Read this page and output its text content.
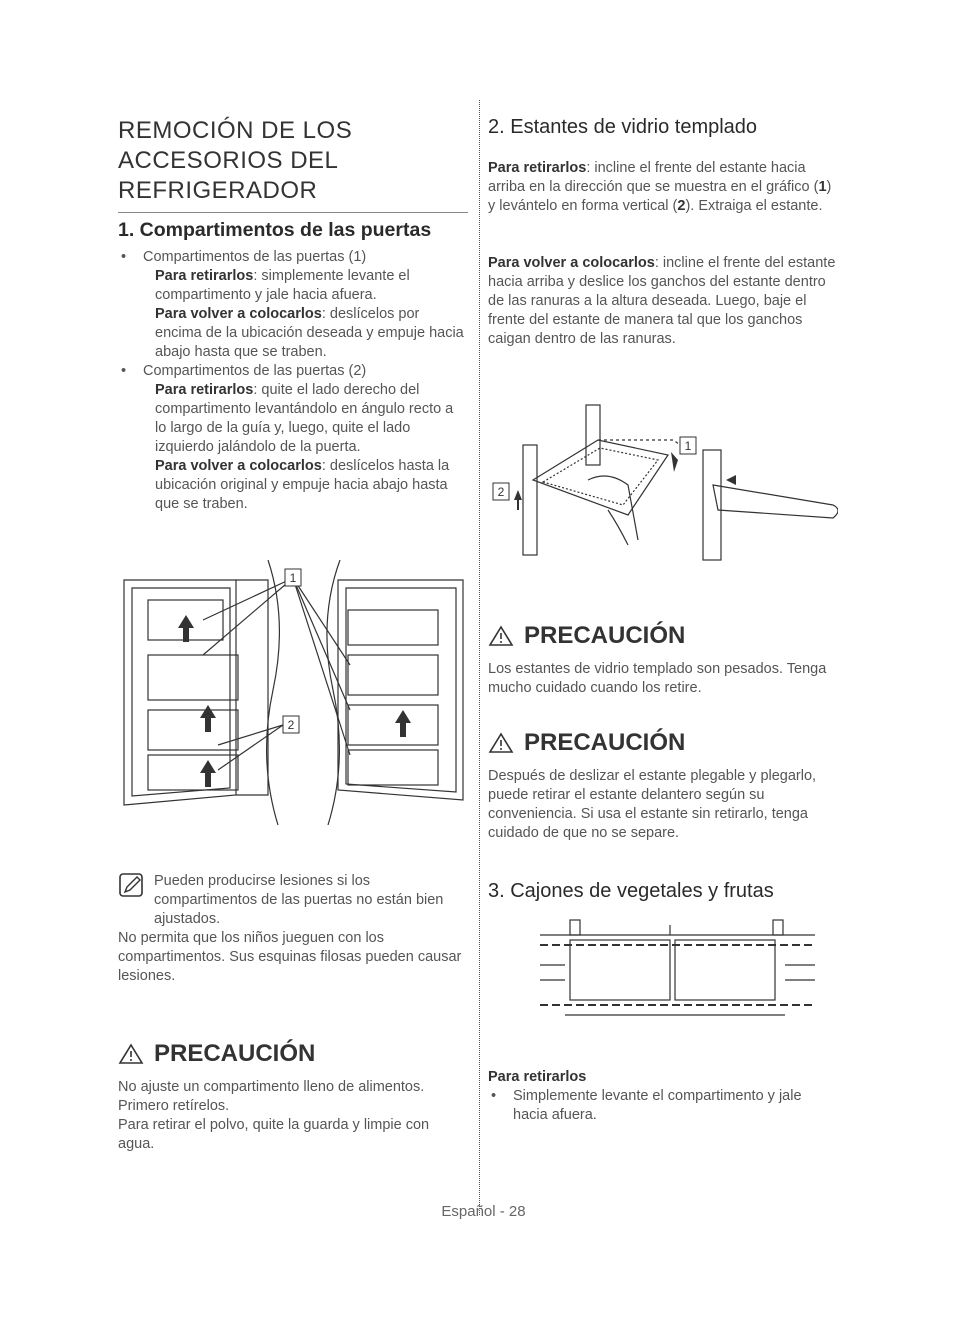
REMOCIÓN DE LOS
ACCESORIOS DEL
REFRIGERADOR
1. Compartimentos de las puertas
• Compartimentos de las puertas (1)
Para retirarlos: simplemente levante el compartimento y jale hacia afuera.
Para volver a colocarlos: deslícelos por encima de la ubicación deseada y empuje hacia abajo hasta que se traben.
• Compartimentos de las puertas (2)
Para retirarlos: quite el lado derecho del compartimento levantándolo en ángulo recto a lo largo de la guía y, luego, quite el lado izquierdo jalándolo de la puerta.
Para volver a colocarlos: deslícelos hasta la ubicación original y empuje hacia abajo hasta que se traben.
1
2
Pueden producirse lesiones si los compartimentos de las puertas no están bien ajustados.
No permita que los niños jueguen con los compartimentos. Sus esquinas filosas pueden causar lesiones.
PRECAUCIÓN
No ajuste un compartimento lleno de alimentos. Primero retírelos.
Para retirar el polvo, quite la guarda y limpie con agua.
2. Estantes de vidrio templado
Para retirarlos: incline el frente del estante hacia arriba en la dirección que se muestra en el gráfico (1) y levántelo en forma vertical (2). Extraiga el estante.
Para volver a colocarlos: incline el frente del estante hacia arriba y deslice los ganchos del estante dentro de las ranuras a la altura deseada. Luego, baje el frente del estante de manera tal que los ganchos caigan dentro de las ranuras.
1
2
PRECAUCIÓN
Los estantes de vidrio templado son pesados. Tenga mucho cuidado cuando los retire.
PRECAUCIÓN
Después de deslizar el estante plegable y plegarlo, puede retirar el estante delantero según su conveniencia. Si usa el estante sin retirarlo, tenga cuidado de que no se separe.
3. Cajones de vegetales y frutas
Para retirarlos
• Simplemente levante el compartimento y jale hacia afuera.
Español - 28
